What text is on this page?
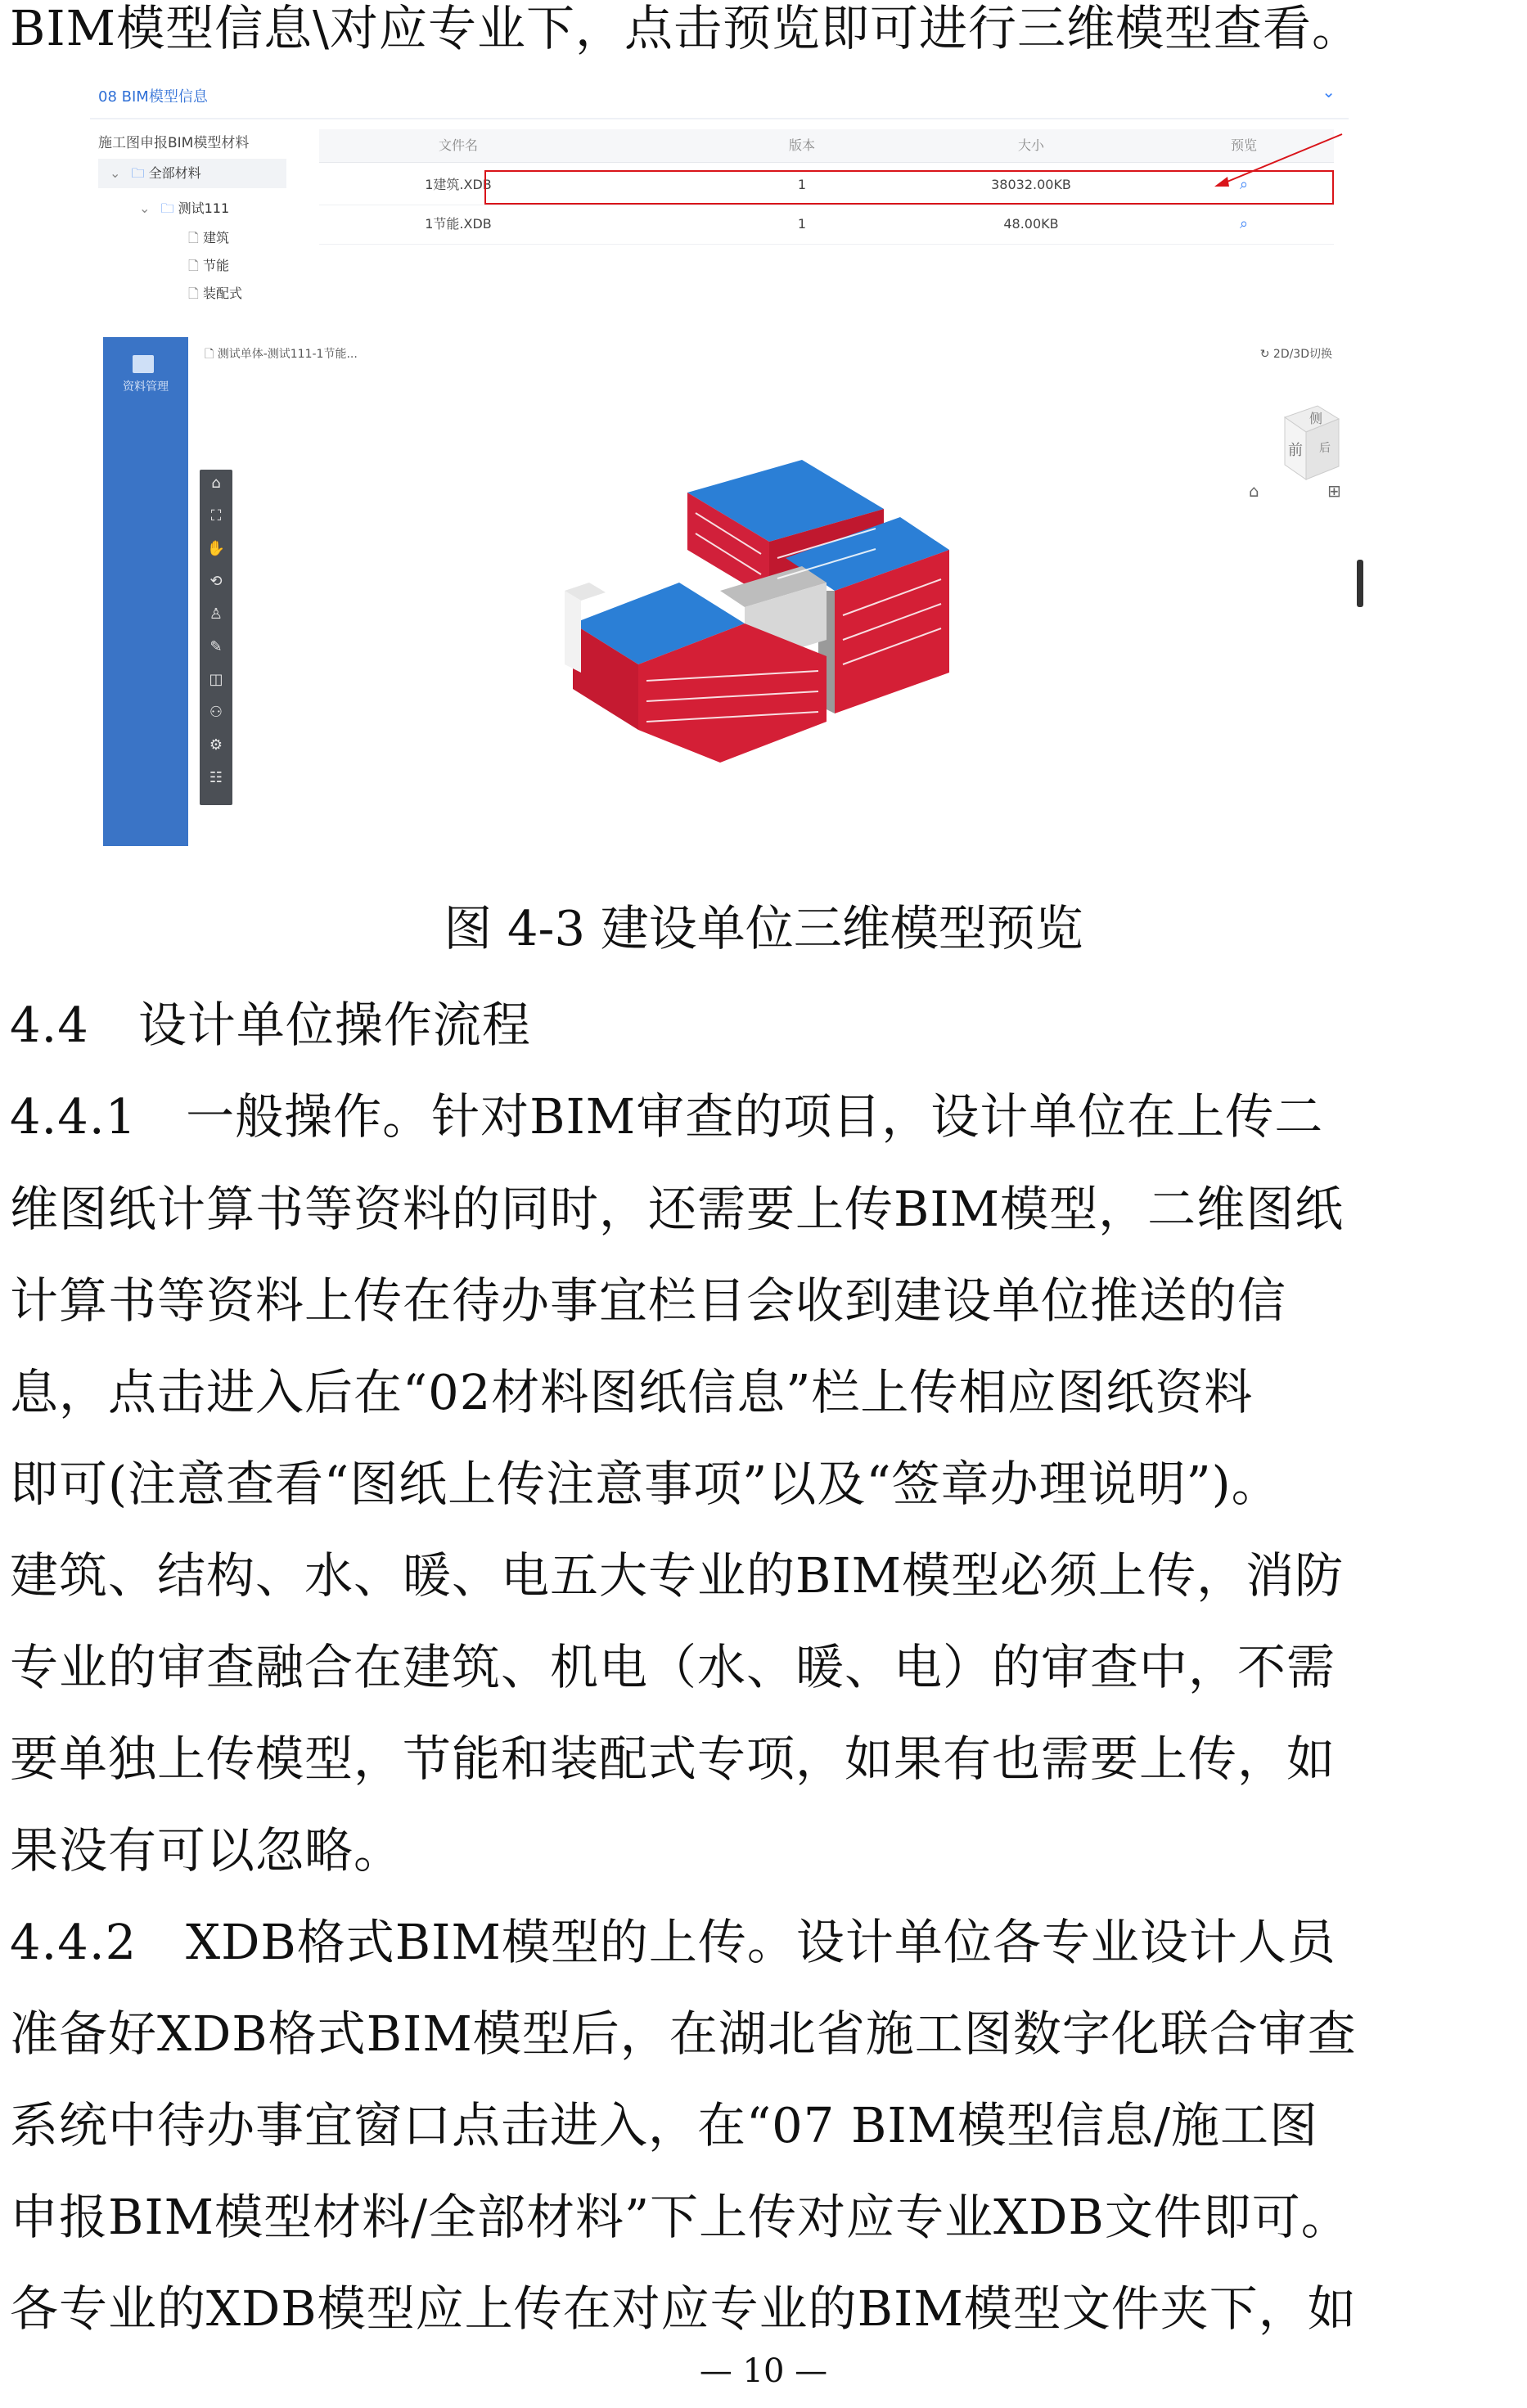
BIM模型信息\对应专业下，点击预览即可进行三维模型查看。
08 BIM模型信息	⌄
施工图申报BIM模型材料
⌄ 🗀 全部材料
⌄ 🗀 测试111
🗋 建筑
🗋 节能
🗋 装配式
文件名	版本	大小	预览
1建筑.XDB	1	38032.00KB	⌕
1节能.XDB	1	48.00KB	⌕
资料管理
🗋 测试单体-测试111-1节能...	↻ 2D/3D切换
⌂
⛶
✋
⟲
♙
✎
◫
⚇
⚙
☷
侧
前 后
⌂	⊞
图 4-3 建设单位三维模型预览
4.4　设计单位操作流程
4.4.1　一般操作。针对BIM审查的项目，设计单位在上传二
维图纸计算书等资料的同时，还需要上传BIM模型，二维图纸
计算书等资料上传在待办事宜栏目会收到建设单位推送的信
息，点击进入后在“02材料图纸信息”栏上传相应图纸资料
即可(注意查看“图纸上传注意事项”以及“签章办理说明”)。
建筑、结构、水、暖、电五大专业的BIM模型必须上传，消防
专业的审查融合在建筑、机电（水、暖、电）的审查中，不需
要单独上传模型，节能和装配式专项，如果有也需要上传，如
果没有可以忽略。
4.4.2　XDB格式BIM模型的上传。设计单位各专业设计人员
准备好XDB格式BIM模型后，在湖北省施工图数字化联合审查
系统中待办事宜窗口点击进入，在“07 BIM模型信息/施工图
申报BIM模型材料/全部材料”下上传对应专业XDB文件即可。
各专业的XDB模型应上传在对应专业的BIM模型文件夹下，如
— 10 —
